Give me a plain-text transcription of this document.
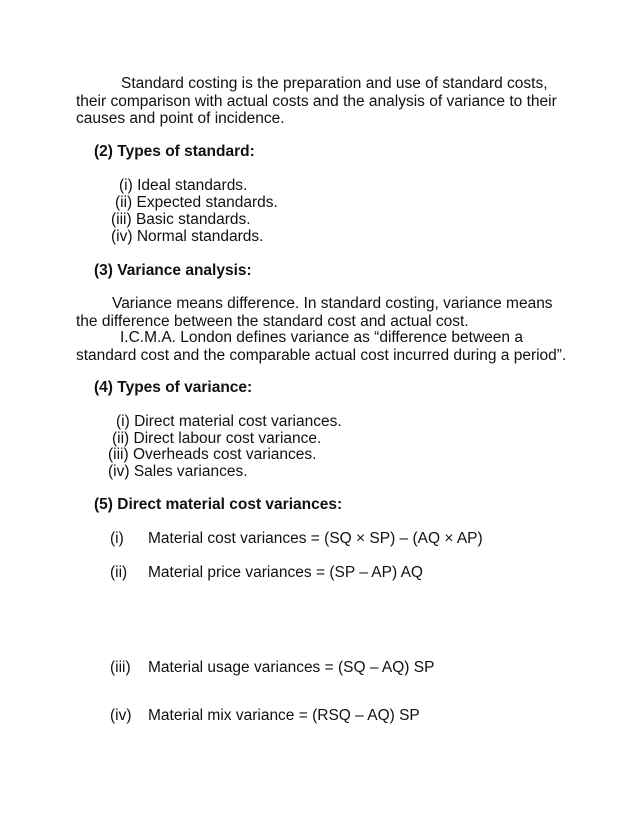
Standard costing is the preparation and use of standard costs, their comparison with actual costs and the analysis of variance to their causes and point of incidence.
(2) Types of standard:
(i) Ideal standards.
(ii) Expected standards.
(iii) Basic standards.
(iv) Normal standards.
(3) Variance analysis:
Variance means difference. In standard costing, variance means the difference between the standard cost and actual cost.
I.C.M.A. London defines variance as “difference between a standard cost and the comparable actual cost incurred during a period”.
(4) Types of variance:
(i) Direct material cost variances.
(ii) Direct labour cost variance.
(iii) Overheads cost variances.
(iv) Sales variances.
(5) Direct material cost variances:
(i) Material cost variances = (SQ × SP) – (AQ × AP)
(ii) Material price variances = (SP – AP) AQ
(iii) Material usage variances = (SQ – AQ) SP
(iv) Material mix variance = (RSQ – AQ) SP
